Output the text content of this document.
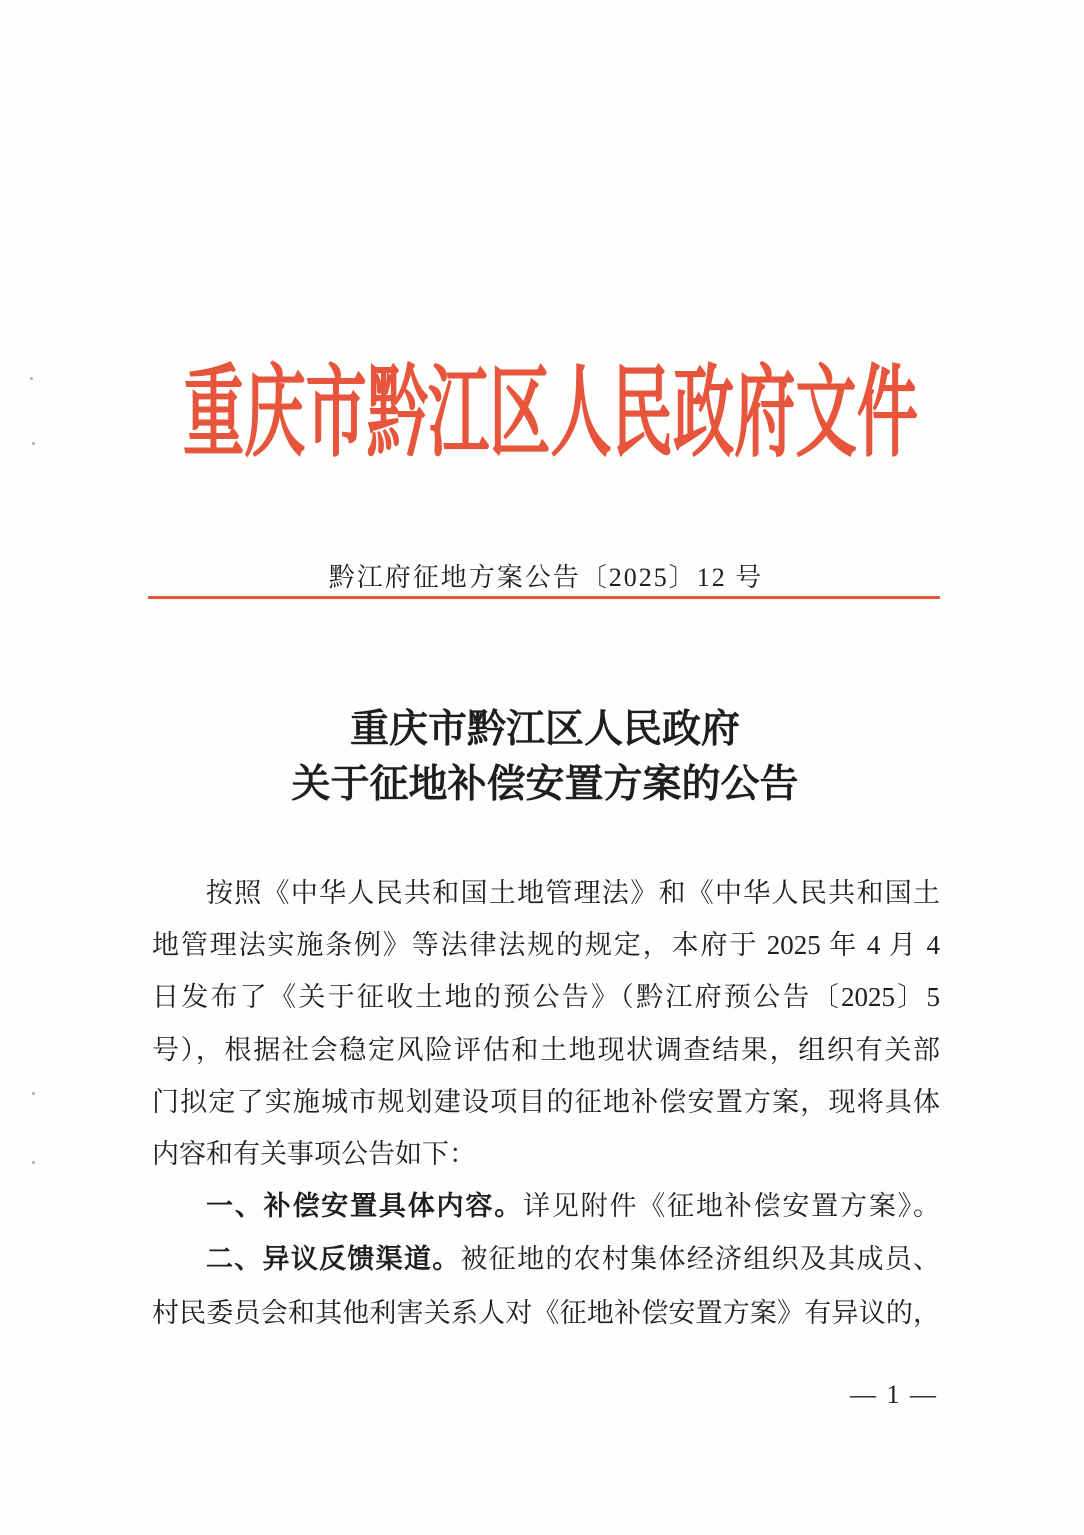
重庆市黔江区人民政府文件
黔江府征地方案公告〔2025〕12 号
重庆市黔江区人民政府
关于征地补偿安置方案的公告
按照《中华人民共和国土地管理法》和《中华人民共和国土
地管理法实施条例》等法律法规的规定，本府于 2025 年 4 月 4
日发布了《关于征收土地的预公告》（黔江府预公告〔2025〕5
号），根据社会稳定风险评估和土地现状调查结果，组织有关部
门拟定了实施城市规划建设项目的征地补偿安置方案，现将具体
内容和有关事项公告如下：
一、补偿安置具体内容。详见附件《征地补偿安置方案》。
二、异议反馈渠道。被征地的农村集体经济组织及其成员、
村民委员会和其他利害关系人对《征地补偿安置方案》有异议的，
— 1 —
